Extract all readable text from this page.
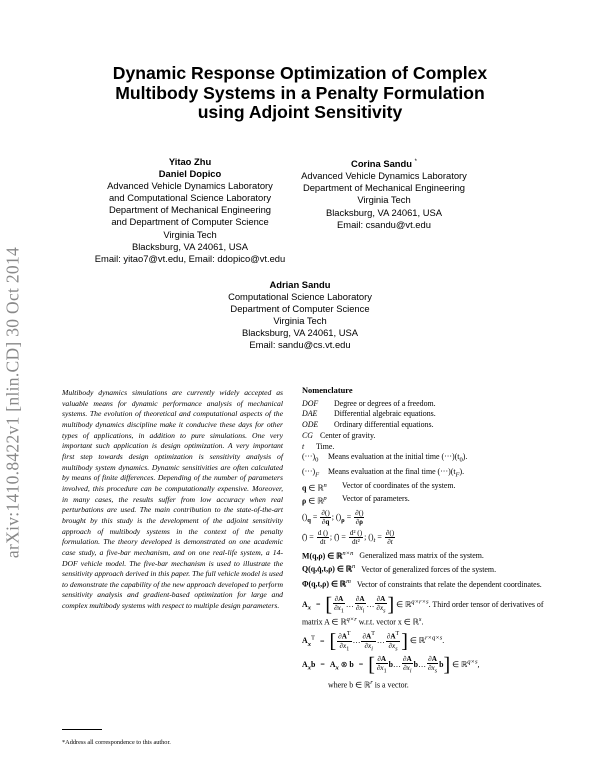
arXiv:1410.8422v1 [nlin.CD] 30 Oct 2014
Dynamic Response Optimization of Complex
Multibody Systems in a Penalty Formulation
using Adjoint Sensitivity
Yitao Zhu
Daniel Dopico
Advanced Vehicle Dynamics Laboratory
and Computational Science Laboratory
Department of Mechanical Engineering
and Department of Computer Science
Virginia Tech
Blacksburg, VA 24061, USA
Email: yitao7@vt.edu, Email: ddopico@vt.edu
Corina Sandu *
Advanced Vehicle Dynamics Laboratory
Department of Mechanical Engineering
Virginia Tech
Blacksburg, VA 24061, USA
Email: csandu@vt.edu
Adrian Sandu
Computational Science Laboratory
Department of Computer Science
Virginia Tech
Blacksburg, VA 24061, USA
Email: sandu@cs.vt.edu
Multibody dynamics simulations are currently widely accepted as valuable means for dynamic performance analysis of mechanical systems. The evolution of theoretical and computational aspects of the multibody dynamics discipline make it conducive these days for other types of applications, in addition to pure simulations. One very important such application is design optimization. A very important first step towards design optimization is sensitivity analysis of multibody system dynamics. Dynamic sensitivities are often calculated by means of finite differences. Depending of the number of parameters involved, this procedure can be computationally expensive. Moreover, in many cases, the results suffer from low accuracy when real perturbations are used. The main contribution to the state-of-the-art brought by this study is the development of the adjoint sensitivity approach of multibody systems in the context of the penalty formulation. The theory developed is demonstrated on one academic case study, a five-bar mechanism, and on one real-life system, a 14-DOF vehicle model. The five-bar mechanism is used to illustrate the sensitivity approach derived in this paper. The full vehicle model is used to demonstrate the capability of the new approach developed to perform sensitivity analysis and gradient-based optimization for large and complex multibody systems with respect to multiple design parameters.
*Address all correspondence to this author.
Nomenclature
DOF	Degree or degrees of a freedom.
DAE	Differential algebraic equations.
ODE	Ordinary differential equations.
CG Center of gravity.
t	Time.
$(\cdot\cdot\cdot)_0$	Means evaluation at the initial time $(\cdot\cdot\cdot)(t_0)$.
$(\cdot\cdot\cdot)_F$	Means evaluation at the final time $(\cdot\cdot\cdot)(t_F)$.
q ∈ ℝ$^n$	Vector of coordinates of the system.
ρ ∈ ℝ$^p$	Vector of parameters.
$()_q = \frac{\partial()}{\partial q}$ ; $()_\rho = \frac{\partial()}{\partial\rho}$
(̇) = $\frac{d ()}{dt}$ ; (̈) = $\frac{\text{d² ()}}{\text{dt²}}$ ; $()_t = \frac{\partial()}{\partial t}$
M(q,ρ) ∈ ℝ$^{n\times n}$ Generalized mass matrix of the system.
Q(q,q̇,t,ρ) ∈ ℝ$^n$ Vector of generalized forces of the system.
Φ(q,t,ρ) ∈ ℝ$^m$ Vector of constraints that relate the dependent coordinates.
$A_x$ = [ $\frac{\partial A}{\partial x_1}$ … $\frac{\partial A}{\partial x_i}$ … $\frac{\partial A}{\partial x_s}$ ] ∈ ℝ$^{q\times r\times s}$. Third order tensor of derivatives of matrix A ∈ ℝ$^{q\times r}$ w.r.t. vector x ∈ ℝ$^s$.
$A_x^T$ = [ $\frac{\partial A^T}{\partial x_1}$ … $\frac{\partial A^T}{\partial x_i}$ … $\frac{\partial A^T}{\partial x_s}$ ] ∈ ℝ$^{r\times q\times s}$.
$A_xb = A_x$ ⊗ b = [ $\frac{\partial A}{\partial x_1}$ b… $\frac{\partial A}{\partial x_i}$ b… $\frac{\partial A}{\partial x_s} b$] ∈ ℝ$^{q\times s}$,
where b ∈ ℝ$^r$ is a vector.
